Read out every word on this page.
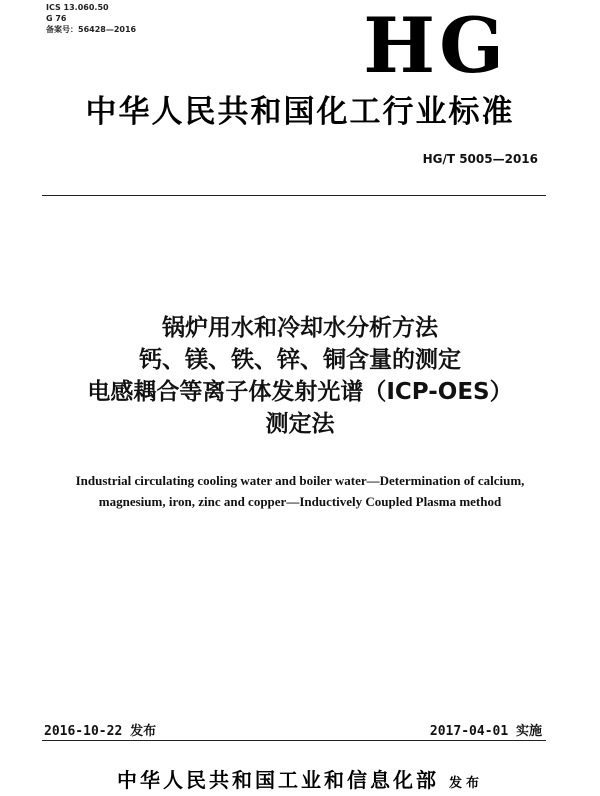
ICS 13.060.50
G 76
备案号：56428—2016	HG
中华人民共和国化工行业标准
HG/T 5005—2016
锅炉用水和冷却水分析方法
钙、镁、铁、锌、铜含量的测定
电感耦合等离子体发射光谱（ICP-OES）
测定法
Industrial circulating cooling water and boiler water—Determination of calcium,
magnesium, iron, zinc and copper—Inductively Coupled Plasma method
2016-10-22 发布	2017-04-01 实施
中华人民共和国工业和信息化部 发布
